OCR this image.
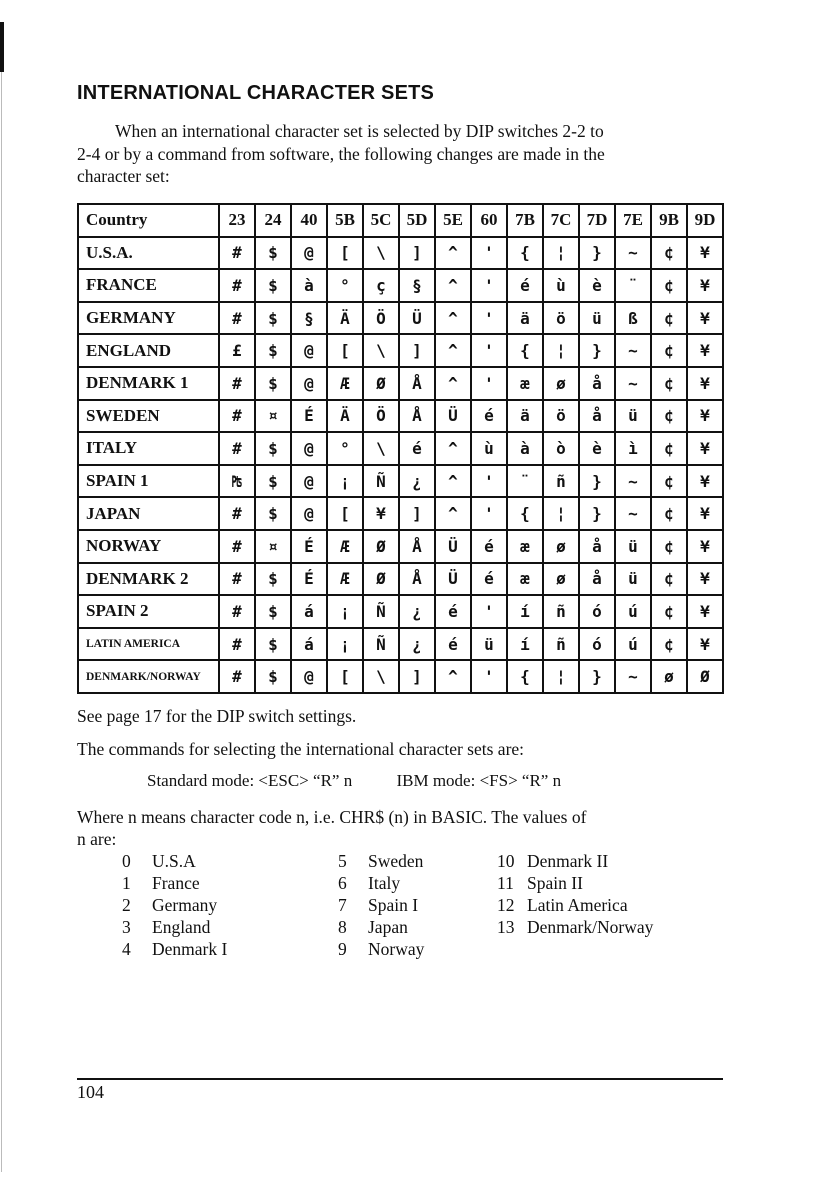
INTERNATIONAL CHARACTER SETS

When an international character set is selected by DIP switches 2-2 to
2-4 or by a command from software, the following changes are made in the
character set:

Country	23	24	40	5B	5C	5D	5E	60	7B	7C	7D	7E	9B	9D
U.S.A.	#	$	@	[	\	]	^	'	{	¦	}	~	¢	¥
FRANCE	#	$	à	°	ç	§	^	'	é	ù	è	¨	¢	¥
GERMANY	#	$	§	Ä	Ö	Ü	^	'	ä	ö	ü	ß	¢	¥
ENGLAND	£	$	@	[	\	]	^	'	{	¦	}	~	¢	¥
DENMARK 1	#	$	@	Æ	Ø	Å	^	'	æ	ø	å	~	¢	¥
SWEDEN	#	¤	É	Ä	Ö	Å	Ü	é	ä	ö	å	ü	¢	¥
ITALY	#	$	@	°	\	é	^	ù	à	ò	è	ì	¢	¥
SPAIN 1	₧	$	@	¡	Ñ	¿	^	'	¨	ñ	}	~	¢	¥
JAPAN	#	$	@	[	¥	]	^	'	{	¦	}	~	¢	¥
NORWAY	#	¤	É	Æ	Ø	Å	Ü	é	æ	ø	å	ü	¢	¥
DENMARK 2	#	$	É	Æ	Ø	Å	Ü	é	æ	ø	å	ü	¢	¥
SPAIN 2	#	$	á	¡	Ñ	¿	é	'	í	ñ	ó	ú	¢	¥
LATIN AMERICA	#	$	á	¡	Ñ	¿	é	ü	í	ñ	ó	ú	¢	¥
DENMARK/NORWAY	#	$	@	[	\	]	^	'	{	¦	}	~	ø	Ø

See page 17 for the DIP switch settings.

The commands for selecting the international character sets are:

Standard mode: <ESC> “R” n	IBM mode: <FS> “R” n

Where n means character code n, i.e. CHR$ (n) in BASIC. The values of
n are:

0 U.S.A
1 France
2 Germany
3 England
4 Denmark I
5 Sweden
6 Italy
7 Spain I
8 Japan
9 Norway
10 Denmark II
11 Spain II
12 Latin America
13 Denmark/Norway
104
